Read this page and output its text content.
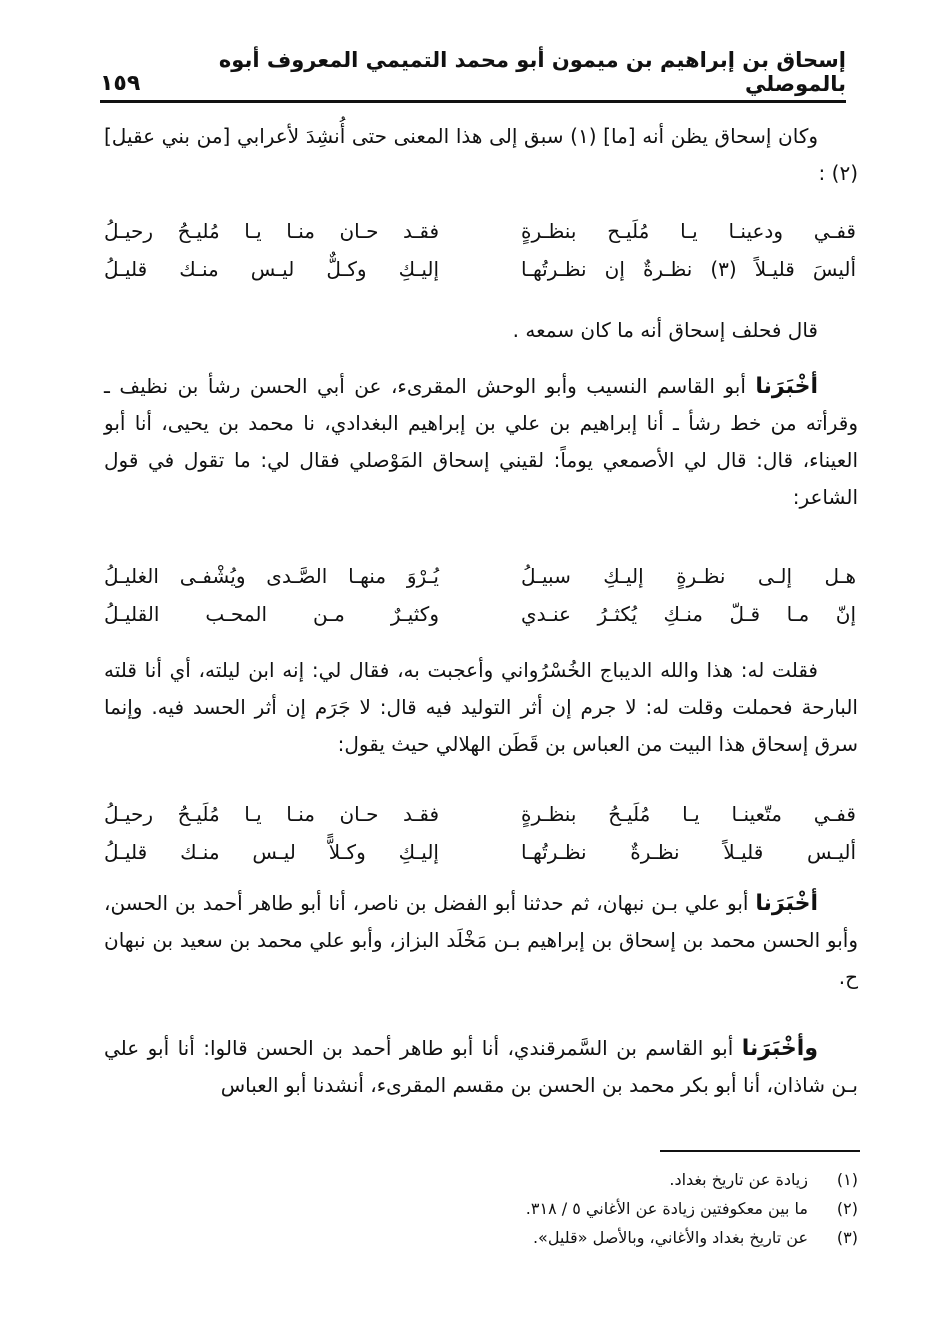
إسحاق بن إبراهيم بن ميمون أبو محمد التميمي المعروف أبوه بالموصلي
١٥٩
وكان إسحاق يظن أنه [ما] (١) سبق إلى هذا المعنى حتى أُنشِدَ لأعرابي [من بني عقيل] (٢) :
قفـي ودعينـا يـا مُلَيـح بنظـرةٍ
فقـد حـان منـا يـا مُليـحُ رحيـلُ
أليسَ قليـلاً (٣) نظـرةٌ إن نظـرتُهـا
إليـكِ وكـلٌّ ليـس منـك قليـلُ
قال فحلف إسحاق أنه ما كان سمعه .
أخْبَرَنا أبو القاسم النسيب وأبو الوحش المقرىء، عن أبي الحسن رشأ بن نظيف ـ وقرأته من خط رشأ ـ أنا إبراهيم بن علي بن إبراهيم البغدادي، نا محمد بن يحيى، أنا أبو العيناء، قال: قال لي الأصمعي يوماً: لقيني إسحاق المَوْصلي فقال لي: ما تقول في قول الشاعر:
هـل إلـى نظـرةٍ إليـكِ سبيـلُ
يُـرْوَ منهـا الصَّـدى ويُشْفـى الغليـلُ
إنّ مـا قـلّ منـكِ يُكثـرُ عنـدي
وكثيـرٌ مـن المحـب القليـلُ
فقلت له: هذا والله الديباج الخُسْرُواني وأعجبت به، فقال لي: إنه ابن ليلته، أي أنا قلته البارحة فحملت وقلت له: لا جرم إن أثر التوليد فيه قال: لا جَرَم إن أثر الحسد فيه. وإنما سرق إسحاق هذا البيت من العباس بن قَطَن الهلالي حيث يقول:
قفـي متّعينـا يـا مُلَيـحُ بنظـرةٍ
فقـد حـان منـا يـا مُلَيـحُ رحيـلُ
أليـس قليـلاً نظـرةٌ نظـرتُهـا
إليـكِ وكـلاًّ ليـس منـك قليـلُ
أخْبَرَنا أبو علي بـن نبهان، ثم حدثنا أبو الفضل بن ناصر، أنا أبو طاهر أحمد بن الحسن، وأبو الحسن محمد بن إسحاق بن إبراهيم بـن مَخْلَد البزاز، وأبو علي محمد بن سعيد بن نبهان ح.
وأخْبَرَنا أبو القاسم بن السَّمرقندي، أنا أبو طاهر أحمد بن الحسن قالوا: أنا أبو علي بـن شاذان، أنا أبو بكر محمد بن الحسن بن مقسم المقرىء، أنشدنا أبو العباس
(١)
زيادة عن تاريخ بغداد.
(٢)
ما بين معكوفتين زيادة عن الأغاني ٥ / ٣١٨.
(٣)
عن تاريخ بغداد والأغاني، وبالأصل «قليل».
